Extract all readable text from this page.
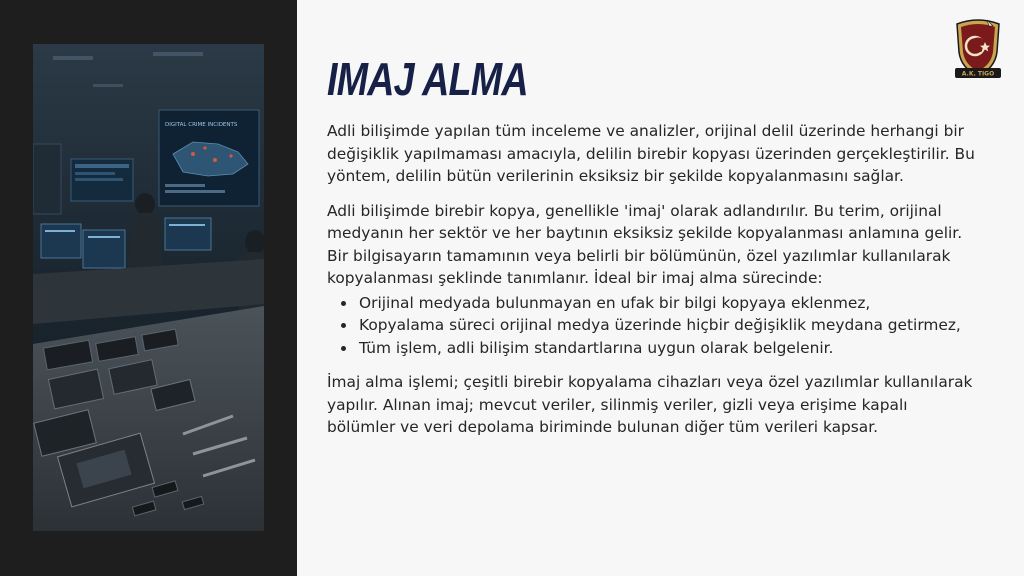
DIGITAL CRIME INCIDENTS
A.K. TIGO
IMAJ ALMA

Adli bilişimde yapılan tüm inceleme ve analizler, orijinal delil üzerinde herhangi bir değişiklik yapılmaması amacıyla, delilin birebir kopyası üzerinden gerçekleştirilir. Bu yöntem, delilin bütün verilerinin eksiksiz bir şekilde kopyalanmasını sağlar.

Adli bilişimde birebir kopya, genellikle 'imaj' olarak adlandırılır. Bu terim, orijinal medyanın her sektör ve her baytının eksiksiz şekilde kopyalanması anlamına gelir. Bir bilgisayarın tamamının veya belirli bir bölümünün, özel yazılımlar kullanılarak kopyalanması şeklinde tanımlanır. İdeal bir imaj alma sürecinde:

• Orijinal medyada bulunmayan en ufak bir bilgi kopyaya eklenmez,
• Kopyalama süreci orijinal medya üzerinde hiçbir değişiklik meydana getirmez,
• Tüm işlem, adli bilişim standartlarına uygun olarak belgelenir.

İmaj alma işlemi; çeşitli birebir kopyalama cihazları veya özel yazılımlar kullanılarak yapılır. Alınan imaj; mevcut veriler, silinmiş veriler, gizli veya erişime kapalı bölümler ve veri depolama biriminde bulunan diğer tüm verileri kapsar.
